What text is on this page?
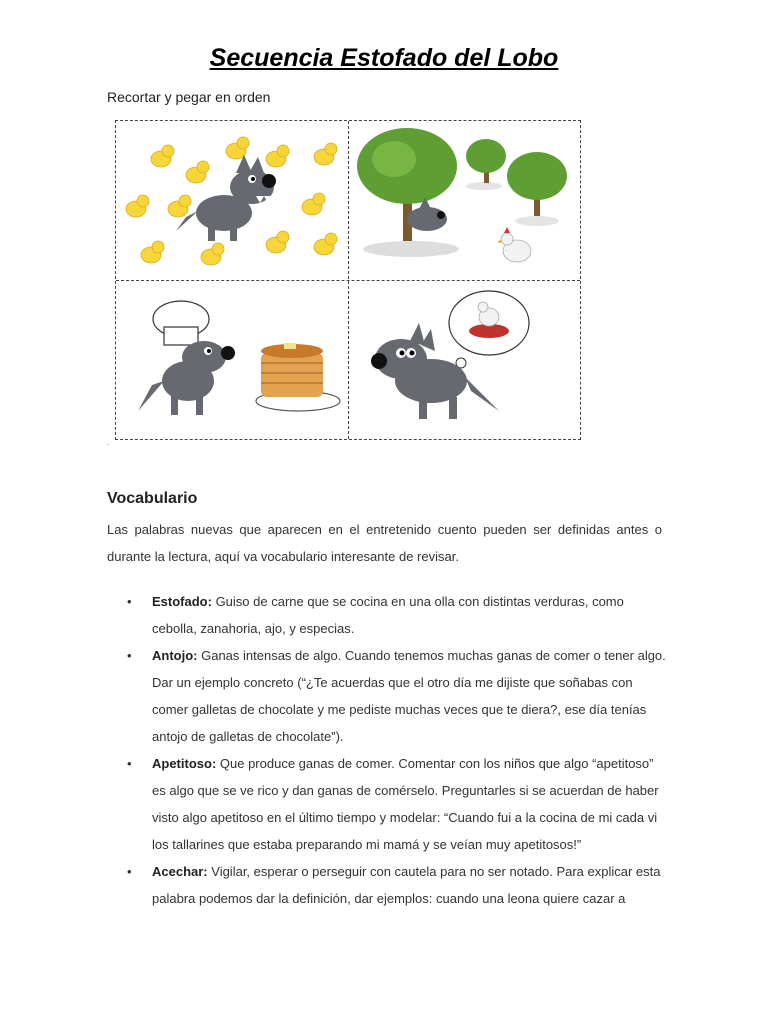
Secuencia Estofado del Lobo
Recortar y pegar en orden
.
Vocabulario
Las palabras nuevas que aparecen en el entretenido cuento pueden ser definidas antes o durante la lectura, aquí va vocabulario interesante de revisar.
• Estofado: Guiso de carne que se cocina en una olla con distintas verduras, como cebolla, zanahoria, ajo, y especias.
• Antojo: Ganas intensas de algo. Cuando tenemos muchas ganas de comer o tener algo. Dar un ejemplo concreto (“¿Te acuerdas que el otro día me dijiste que soñabas con comer galletas de chocolate y me pediste muchas veces que te diera?, ese día tenías antojo de galletas de chocolate”).
• Apetitoso: Que produce ganas de comer. Comentar con los niños que algo “apetitoso” es algo que se ve rico y dan ganas de comérselo. Preguntarles si se acuerdan de haber visto algo apetitoso en el último tiempo y modelar: “Cuando fui a la cocina de mi cada vi los tallarines que estaba preparando mi mamá y se veían muy apetitosos!”
• Acechar: Vigilar, esperar o perseguir con cautela para no ser notado. Para explicar esta palabra podemos dar la definición, dar ejemplos: cuando una leona quiere cazar a
